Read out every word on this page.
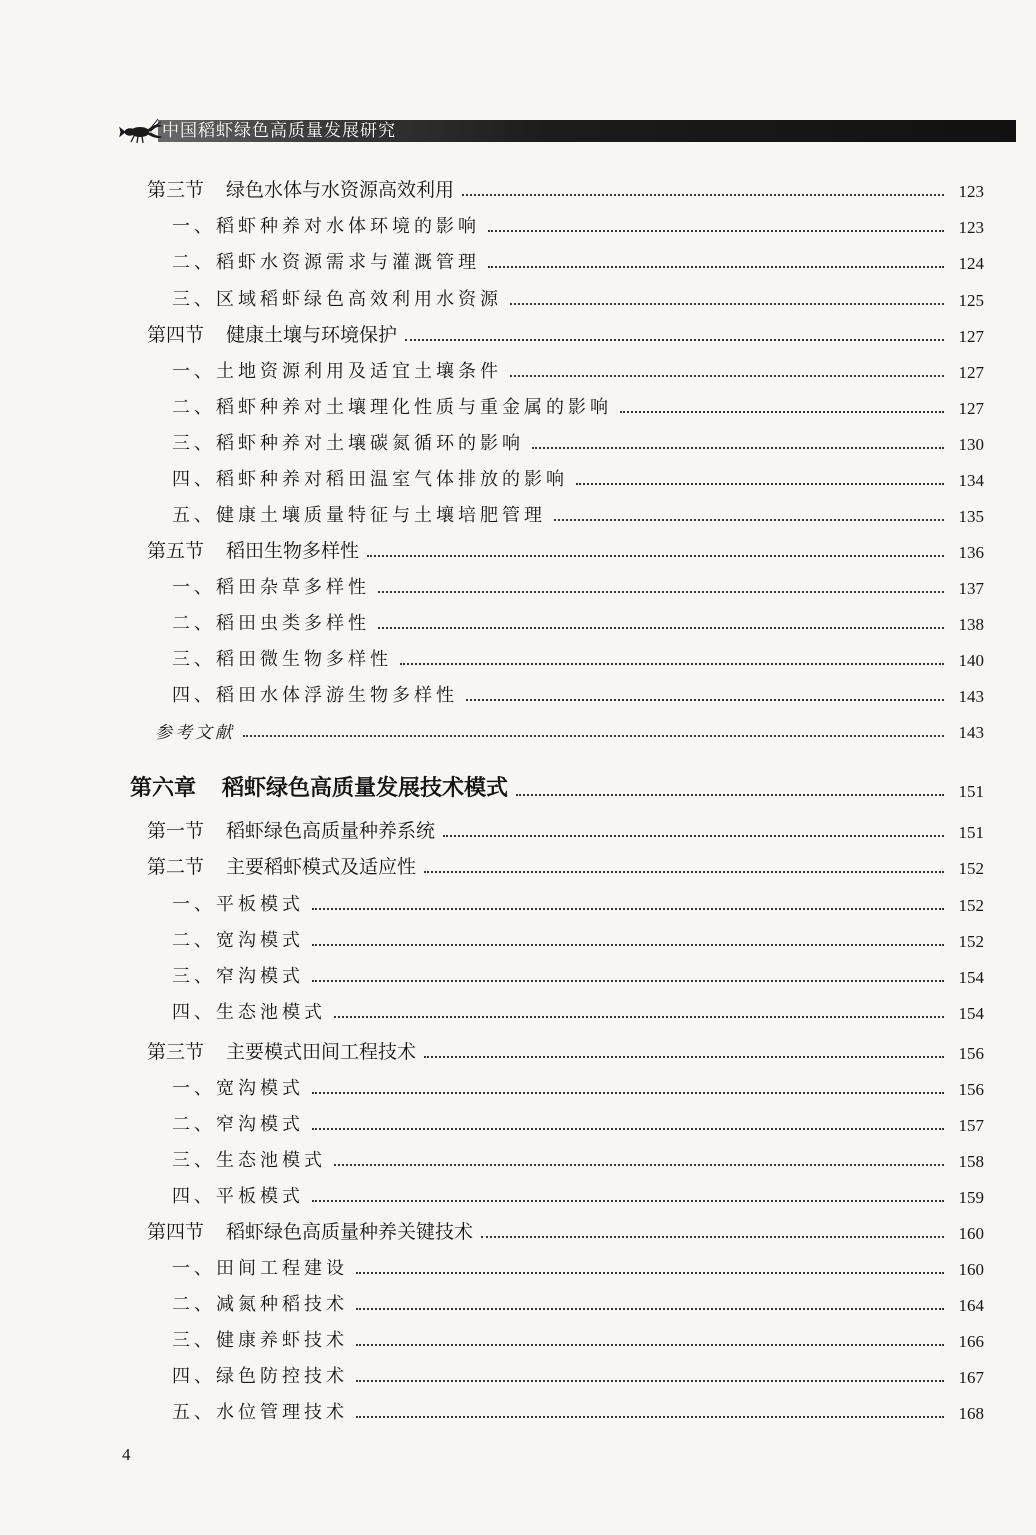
中国稻虾绿色高质量发展研究
第三节 绿色水体与水资源高效利用	123
一、稻虾种养对水体环境的影响	123
二、稻虾水资源需求与灌溉管理	124
三、区域稻虾绿色高效利用水资源	125
第四节 健康土壤与环境保护	127
一、土地资源利用及适宜土壤条件	127
二、稻虾种养对土壤理化性质与重金属的影响	127
三、稻虾种养对土壤碳氮循环的影响	130
四、稻虾种养对稻田温室气体排放的影响	134
五、健康土壤质量特征与土壤培肥管理	135
第五节 稻田生物多样性	136
一、稻田杂草多样性	137
二、稻田虫类多样性	138
三、稻田微生物多样性	140
四、稻田水体浮游生物多样性	143
参考文献	143
第六章 稻虾绿色高质量发展技术模式	151
第一节 稻虾绿色高质量种养系统	151
第二节 主要稻虾模式及适应性	152
一、平板模式	152
二、宽沟模式	152
三、窄沟模式	154
四、生态池模式	154
第三节 主要模式田间工程技术	156
一、宽沟模式	156
二、窄沟模式	157
三、生态池模式	158
四、平板模式	159
第四节 稻虾绿色高质量种养关键技术	160
一、田间工程建设	160
二、减氮种稻技术	164
三、健康养虾技术	166
四、绿色防控技术	167
五、水位管理技术	168
4
